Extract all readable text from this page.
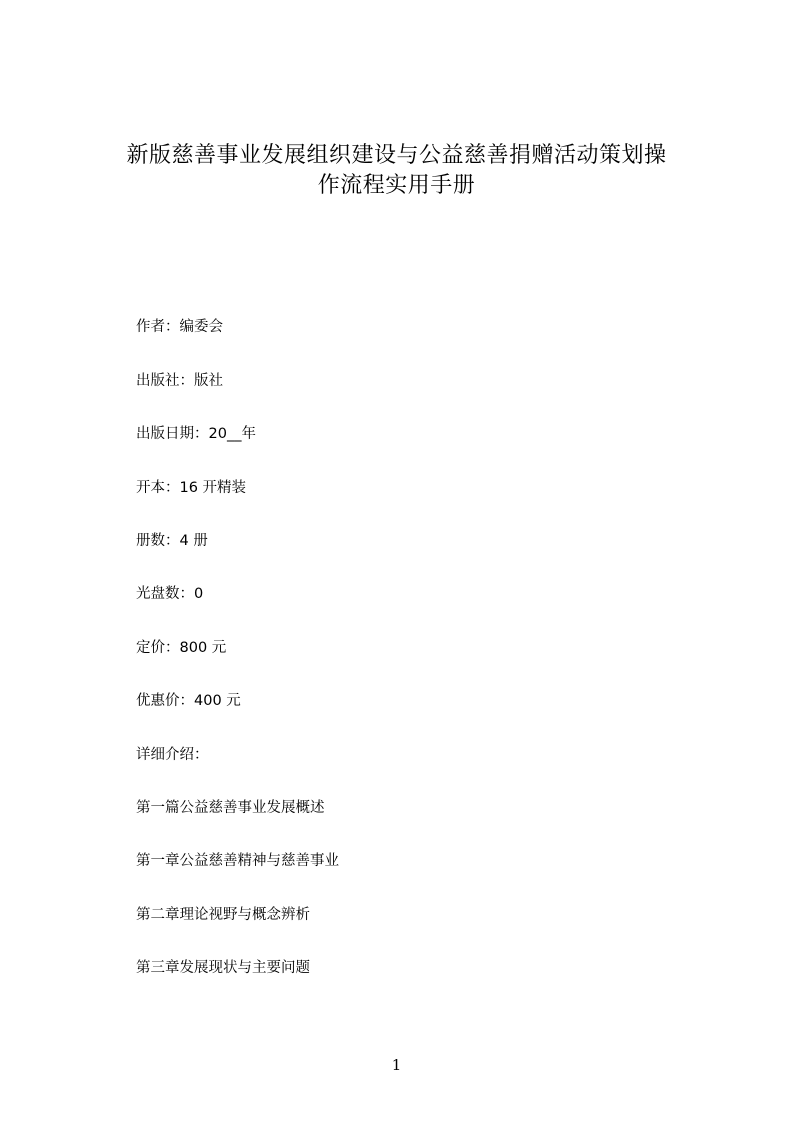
新版慈善事业发展组织建设与公益慈善捐赠活动策划操
作流程实用手册
作者：编委会
出版社：版社
出版日期：20__年
开本：16 开精装
册数：4 册
光盘数：0
定价：800 元
优惠价：400 元
详细介绍：
第一篇公益慈善事业发展概述
第一章公益慈善精神与慈善事业
第二章理论视野与概念辨析
第三章发展现状与主要问题
1
